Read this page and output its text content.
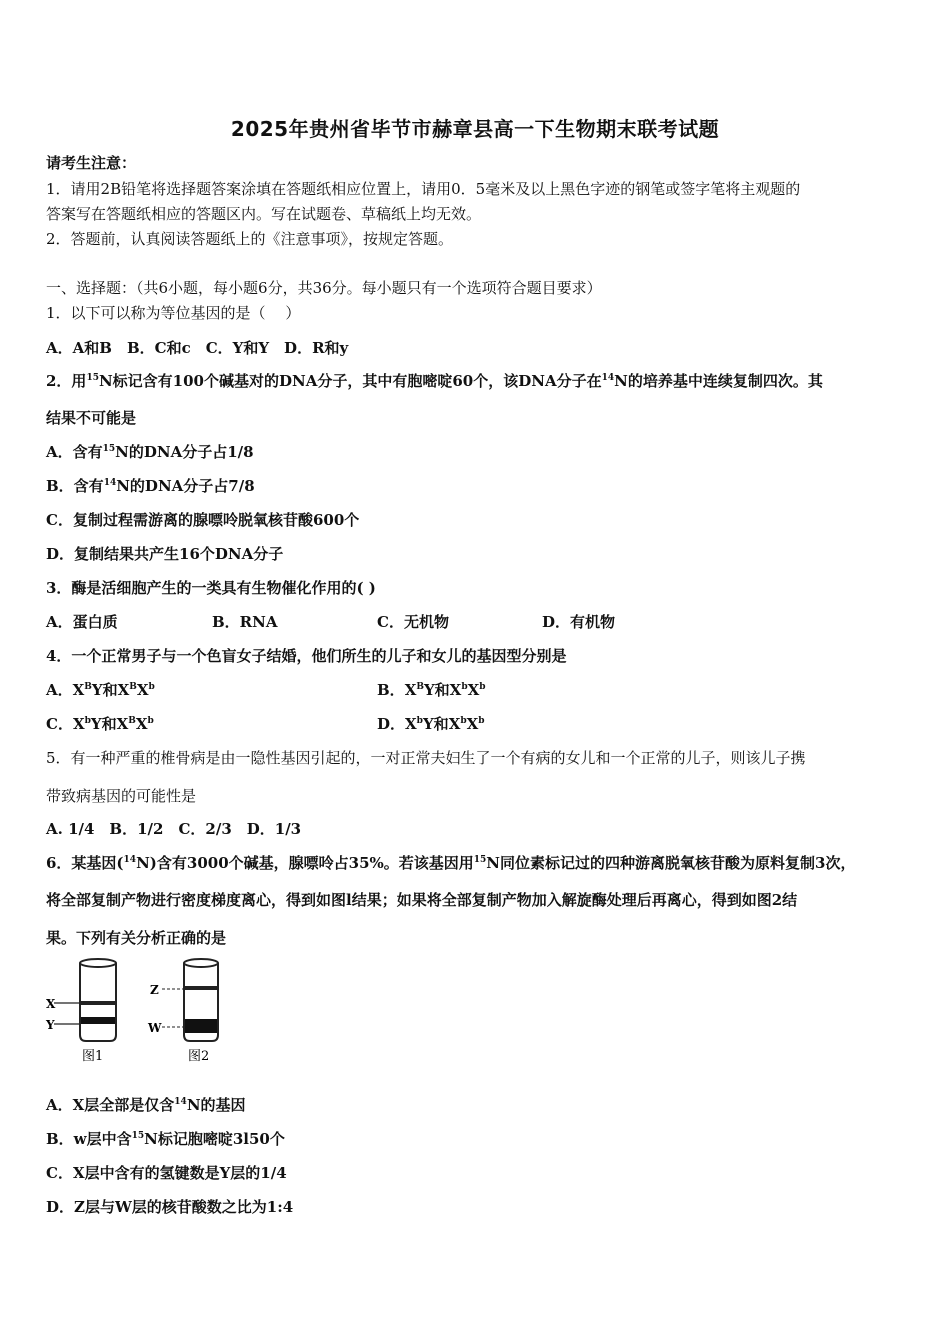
2025年贵州省毕节市赫章县高一下生物期末联考试题
请考生注意：
1．请用2B铅笔将选择题答案涂填在答题纸相应位置上，请用0．5毫米及以上黑色字迹的钢笔或签字笔将主观题的
答案写在答题纸相应的答题区内。写在试题卷、草稿纸上均无效。
2．答题前，认真阅读答题纸上的《注意事项》，按规定答题。
一、选择题：（共6小题，每小题6分，共36分。每小题只有一个选项符合题目要求）
1．以下可以称为等位基因的是（　 ）
A．A和B　B．C和c　C．Y和Y　D．R和y
2．用$^{15}$N标记含有100个碱基对的DNA分子，其中有胞嘧啶60个，该DNA分子在$^{14}$N的培养基中连续复制四次。其
结果不可能是
A．含有$^{15}$N的DNA分子占1/8
B．含有$^{14}$N的DNA分子占7/8
C．复制过程需游离的腺嘌呤脱氧核苷酸600个
D．复制结果共产生16个DNA分子
3．酶是活细胞产生的一类具有生物催化作用的( )
A．蛋白质	B．RNA	C．无机物	D．有机物
4．一个正常男子与一个色盲女子结婚，他们所生的儿子和女儿的基因型分别是
A．$X^BY$和$X^BX^b$	B．$X^BY$和$X^bX^b$
C．$X^bY$和$X^BX^b$	D．$X^bY$和$X^bX^b$
5．有一种严重的椎骨病是由一隐性基因引起的，一对正常夫妇生了一个有病的女儿和一个正常的儿子，则该儿子携
带致病基因的可能性是
A. 1/4　B．1/2　C．2/3　D．1/3
6．某基因($^{14}$N)含有3000个碱基，腺嘌呤占35%。若该基因用$^{15}$N同位素标记过的四种游离脱氧核苷酸为原料复制3次，
将全部复制产物进行密度梯度离心，得到如图l结果；如果将全部复制产物加入解旋酶处理后再离心，得到如图2结
果。下列有关分析正确的是
X
Y
图1
Z
W
图2
A．X层全部是仅含$^{14}$N的基因
B．w层中含$^{15}$N标记胞嘧啶3l50个
C．X层中含有的氢键数是Y层的1/4
D．Z层与W层的核苷酸数之比为1:4
